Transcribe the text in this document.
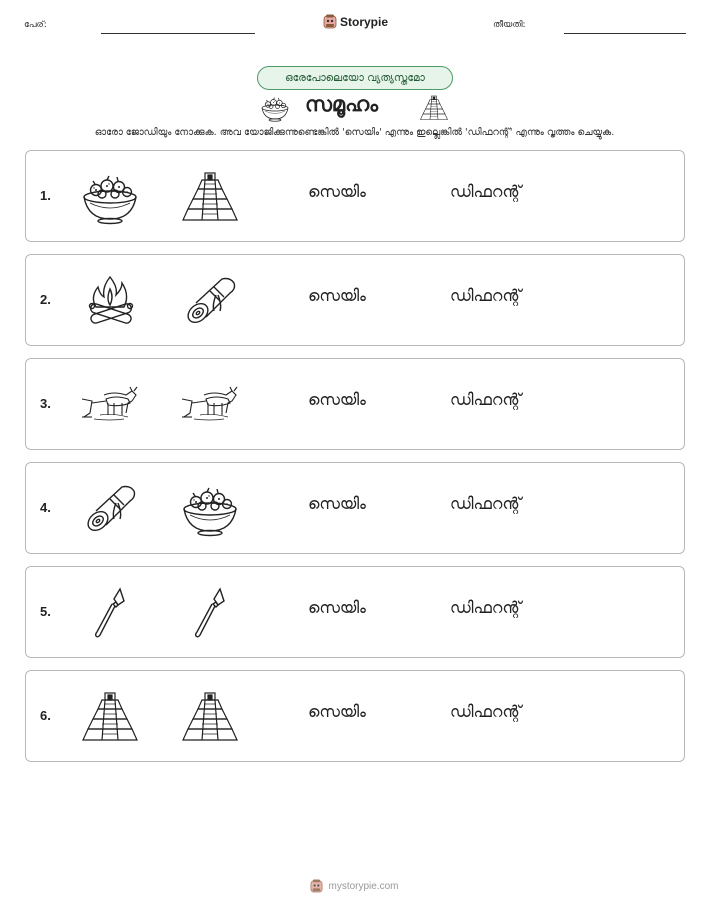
പേര്:	Storypie	തീയതി:
ഒരേപോലെയോ വ്യത്യസ്തമോ
സമൂഹം
ഓരോ ജോഡിയും നോക്കുക. അവ യോജിക്കുന്നുണ്ടെങ്കിൽ 'സെയിം' എന്നും ഇല്ലെങ്കിൽ 'ഡിഫറന്റ്' എന്നും വൃത്തം ചെയ്യുക.
1.	സെയിം	ഡിഫറന്റ്
2.	സെയിം	ഡിഫറന്റ്
3.	സെയിം	ഡിഫറന്റ്
4.	സെയിം	ഡിഫറന്റ്
5.	സെയിം	ഡിഫറന്റ്
6.	സെയിം	ഡിഫറന്റ്
mystorypie.com
